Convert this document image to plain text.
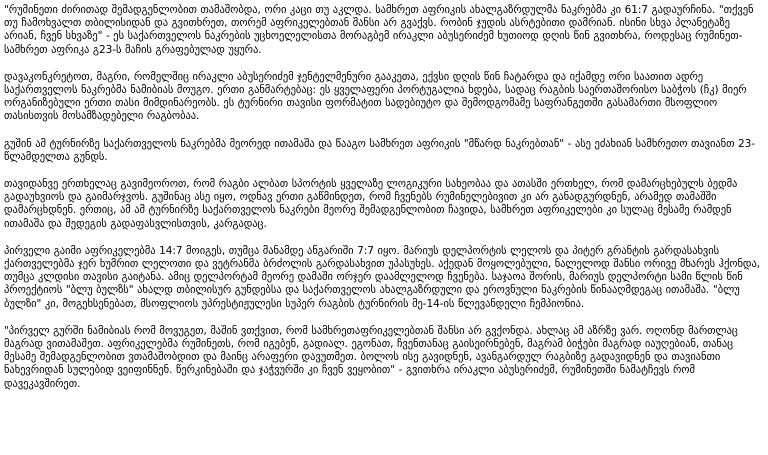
"რუმინეთი ძირითად შემადგენლობით თამაშობდა, ორი კაცი თუ აკლდა. სამხრეთ აფრიკის ახალგაზრდულმა ნაკრებმა კი 61:7 გადაურჩინა. "თქვენ თუ ჩამოხვალთ თბილისიდან და გვითხრეთ, თორემ აფრიკელებთან შანსი არ გვაქვს. რობინ ჯუდის ასრტებითი დამრიან. ისინი სხვა პლანეტაზე არიან, ჩვენ სხვაზე" - ეს საქართველოს ნაკრების უცხოელელისთა მორაგბემ ირაკლი აბუსერიძემ ხუთიოდ დღის წინ გვითხრა, როდესაც რუმინეთ-სამხრეთ აფრიკა გ23-ს მაჩის გრაფებულად უყურა.

დავაკონკრეტოთ, მაგრი, რომელშიც ირაკლი აბუსერიძემ ჯენტელმენური გააკეთა, ექვსი დღის წინ ჩატარდა და იქამდე ორი საათით ადრე საქართველოს ნაკრებმა ნამიბიას მოუგო. ერთი განმარტებაც: ეს ყველაფერი პორტუგალია ხდება, სადაც რაგბის საერთაშორისო საბჭოს (ჩკ) მიერ ორგანიზებული ერთი თასი მიმდინარეობს. ეს ტურნირი თავისი ფორმატით სადებიუტო და შემოდგომამე საფრანგეთში გასამართი მსოფლიო თასისთვის მოსამზადებელი რაგბობაა.

გუშინ ამ ტურნირზე საქართველოს ნაკრებმა მეორედ ითამაშა და წააგო სამხრეთ აფრიკის "მწარდ ნაკრებთან" - ასე ეძახიან სამხრეთო თავიანთ 23-წლამდელთა გუნდს.

თავიდანვე ერთხელაც გავიმეოროთ, რომ რაგბი ალბათ სპორტის ყველაზე ლოგიკური სახეობაა და ათასში ერთხელ, რომ დამარცხებულს ბედმა გადაუხვიოს და გაიმარჯვოს. გუშინაც ასე იყო, ოდნავ ერთი გაწმინდეთ, რომ ჩვენებს რუმინელებივით კი არ განადგურდნენ, არამედ თამაშში დამარცხდნენ. ერთიც, ამ ამ ტურნირზე საქართველოს ნაკრები მეორე შემადგენლობით ჩავიდა, სამხრეთ აფრიკელები კი სულაც მესამე რამდენ ითამაშა და შედეგის გადაფასვლისთვის, კარგადაც.

პირველი გაიმი აფრიკელებმა 14:7 მოიგეს, თუმცა მანამდე ანგარიში 7:7 იყო. მარიუს დელპორტის ლელოს და პიტერ გრანტის გარდასახვის ქართველებმა ჯერ ხუმრით ლელოთი და ვეტრანმა ბრძოლის გარდასახვით უპასუხეს. აქედან მოყოლებული, ნალელოდ შანსი ორივე მხარეს ჰქონდა, თუმცა კლდისი თავისი გაიტანა. ამიც დელპორტამ მეორე დამაში ორჯერ დაამლელოდ ჩვენება. საჯაოა შორის, მარიუს დელპორტი სამი წლის წინ პროექტიოს "ბლუ ბულზს" ახალდ თბილისურ გუნდებსა და საქართველოს ახალგაზრდული და ეროვნული ნაკრების წინააღმდეგაც ითამაშა. "ბლუ ბულზი" კი, მოგეხსენებათ, მსოფლიოს უპრესტიჟულესი სუპერ რაგბის ტურნირის მე-14-ის წლევანდელი ჩემპიონია.

"პირველ გურში ნამიბიას რომ მოვუგეთ, მაშინ ვთქვით, რომ სამხრეთაფრიკელებთან შანსი არ გვქონდა. ახლაც ამ აზრზე ვარ. ოღონდ მართლაც მაგრად ვითამაშეთ. აფრიკელებმა რუმინეთს, რომ იგებენ, გადიალ. ეგონათ, ჩვენთანაც გაისეირნებენ, მაგრამ ბიჭები მაგრად იაუღებიან, თანაც მესამე შემადგენლობით ვთამაშობდით და მაინც არაფერი დავუთმეთ. ბოლოს ისე გავიდნენ, ავანგარდულ რაგბიზე გადავიდნენ და თავიანთი ნახევრიდან სულებიდ ვეიფინნენ. წერკინებაში და ჯაჭვურში კი ჩვენ ვეყობით" - გვითხრა ირაკლი აბუსერიძემ, რუმინეთში ნამატჩევს რომ დავეკავშირეთ.
